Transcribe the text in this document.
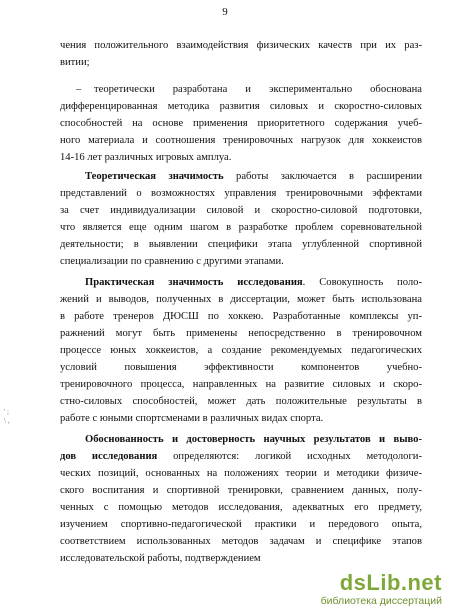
9
чения положительного взаимодействия физических качеств при их раз-
витии;
–	теоретически разработана и экспериментально обоснована
дифференцированная методика развития силовых и скоростно-силовых
способностей на основе применения приоритетного содержания учеб-
ного материала и соотношения тренировочных нагрузок для хоккеистов
14-16 лет различных игровых амплуа.
Теоретическая значимость работы заключается в расширении
представлений о возможностях управления тренировочными эффектами
за счет индивидуализации силовой и скоростно-силовой подготовки,
что является еще одним шагом в разработке проблем соревновательной
деятельности; в выявлении специфики этапа углубленной спортивной
специализации по сравнению с другими этапами.
Практическая значимость исследования. Совокупность поло-
жений и выводов, полученных в диссертации, может быть использована
в работе тренеров ДЮСШ по хоккею. Разработанные комплексы уп-
ражнений могут быть применены непосредственно в тренировочном
процессе юных хоккеистов, а создание рекомендуемых педагогических
условий повышения эффективности компонентов учебно-
тренировочного процесса, направленных на развитие силовых и скоро-
стно-силовых способностей, может дать положительные результаты в
работе с юными спортсменами в различных видах спорта.
Обоснованность и достоверность научных результатов и выво-
дов исследования определяются: логикой исходных методологи-
ческих позиций, основанных на положениях теории и методики физиче-
ского воспитания и спортивной тренировки, сравнением данных, полу-
ченных с помощью методов исследования, адекватных его предмету,
изучением спортивно-педагогической практики и передового опыта,
соответствием использованных методов задачам и специфике этапов
исследовательской работы, подтверждением
' ; \ ,
dsLib.net
библиотека диссертаций
